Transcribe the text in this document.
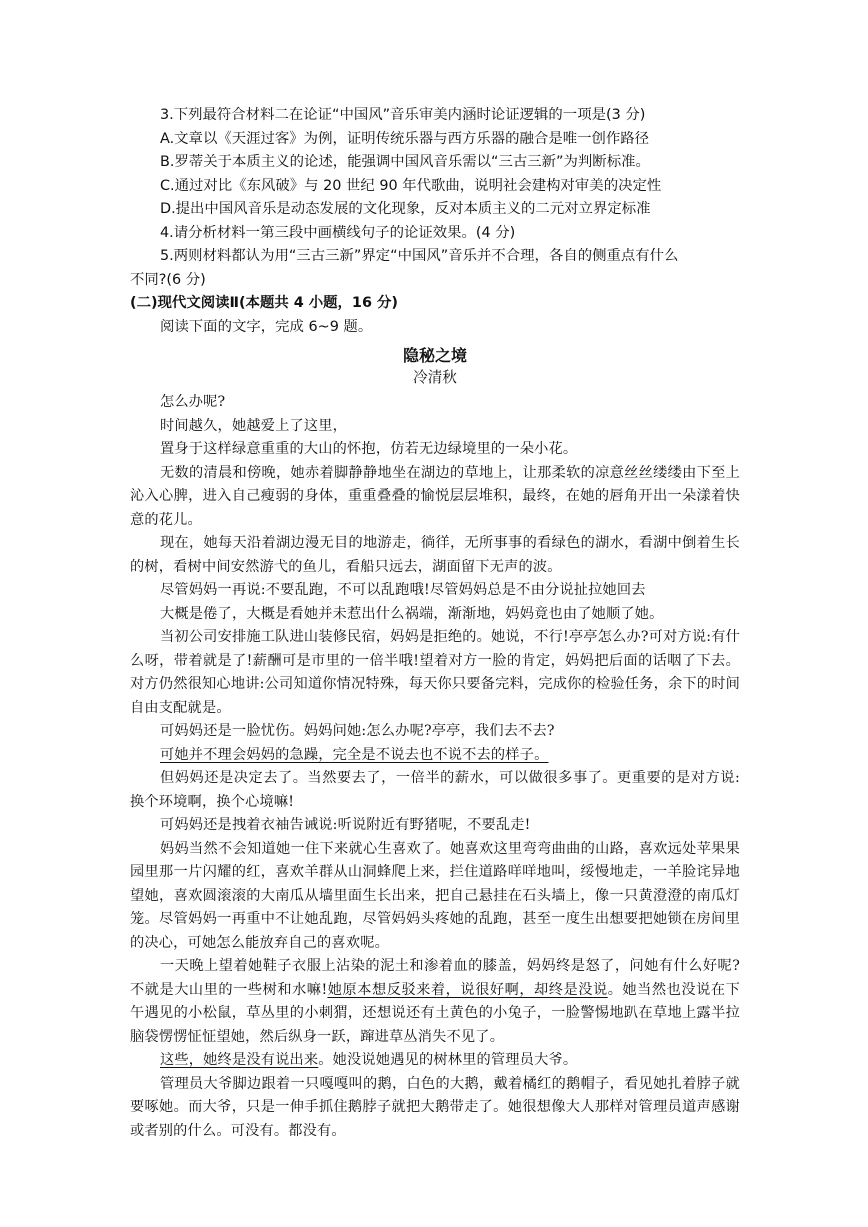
3.下列最符合材料二在论证“中国风”音乐审美内涵时论证逻辑的一项是(3 分)
A.文章以《天涯过客》为例，证明传统乐器与西方乐器的融合是唯一创作路径
B.罗蒂关于本质主义的论述，能强调中国风音乐需以“三古三新”为判断标准。
C.通过对比《东风破》与 20 世纪 90 年代歌曲，说明社会建构对审美的决定性
D.提出中国风音乐是动态发展的文化现象，反对本质主义的二元对立界定标准
4.请分析材料一第三段中画横线句子的论证效果。(4 分)
5.两则材料都认为用“三古三新”界定“中国风”音乐并不合理，各自的侧重点有什么
不同?(6 分)
(二)现代文阅读Ⅱ(本题共 4 小题，16 分)
阅读下面的文字，完成 6~9 题。
隐秘之境
冷清秋
怎么办呢?
时间越久，她越爱上了这里，
置身于这样绿意重重的大山的怀抱，仿若无边绿境里的一朵小花。
无数的清晨和傍晚，她赤着脚静静地坐在湖边的草地上，让那柔软的凉意丝丝缕缕由下至上沁入心脾，进入自己瘦弱的身体，重重叠叠的愉悦层层堆积，最终，在她的唇角开出一朵漾着快意的花儿。
现在，她每天沿着湖边漫无目的地游走，徜徉，无所事事的看绿色的湖水，看湖中倒着生长的树，看树中间安然游弋的鱼儿，看船只远去，湖面留下无声的波。
尽管妈妈一再说:不要乱跑，不可以乱跑哦!尽管妈妈总是不由分说扯拉她回去
大概是倦了，大概是看她并未惹出什么祸端，渐渐地，妈妈竟也由了她顺了她。
当初公司安排施工队进山装修民宿，妈妈是拒绝的。她说，不行!亭亭怎么办?可对方说:有什么呀，带着就是了!薪酬可是市里的一倍半哦!望着对方一脸的肯定，妈妈把后面的话咽了下去。对方仍然很知心地讲:公司知道你情况特殊，每天你只要备完料，完成你的检验任务，余下的时间自由支配就是。
可妈妈还是一脸忧伤。妈妈问她:怎么办呢?亭亭，我们去不去?
可她并不理会妈妈的急躁，完全是不说去也不说不去的样子。
但妈妈还是决定去了。当然要去了，一倍半的薪水，可以做很多事了。更重要的是对方说:换个环境啊，换个心境嘛!
可妈妈还是拽着衣袖告诫说:听说附近有野猪呢，不要乱走!
妈妈当然不会知道她一住下来就心生喜欢了。她喜欢这里弯弯曲曲的山路，喜欢远处苹果果园里那一片闪耀的红，喜欢羊群从山洞蜂爬上来，拦住道路咩咩地叫，绥慢地走，一羊脸诧异地望她，喜欢圆滚滚的大南瓜从墙里面生长出来，把自己悬挂在石头墙上，像一只黄澄澄的南瓜灯笼。尽管妈妈一再重中不让她乱跑，尽管妈妈头疼她的乱跑，甚至一度生出想要把她锁在房间里的决心，可她怎么能放弃自己的喜欢呢。
一天晚上望着她鞋子衣服上沾染的泥土和渗着血的膝盖，妈妈终是怒了，问她有什么好呢?不就是大山里的一些树和水嘛!她原本想反驳来着，说很好啊，却终是没说。她当然也没说在下午遇见的小松鼠，草丛里的小刺猬，还想说还有土黄色的小兔子，一脸警惕地趴在草地上露半拉脑袋愣愣怔怔望她，然后纵身一跃，蹿进草丛消失不见了。
这些，她终是没有说出来。她没说她遇见的树林里的管理员大爷。
管理员大爷脚边跟着一只嘎嘎叫的鹅，白色的大鹅，戴着橘红的鹅帽子，看见她扎着脖子就要啄她。而大爷，只是一伸手抓住鹅脖子就把大鹅带走了。她很想像大人那样对管理员道声感谢或者别的什么。可没有。都没有。
